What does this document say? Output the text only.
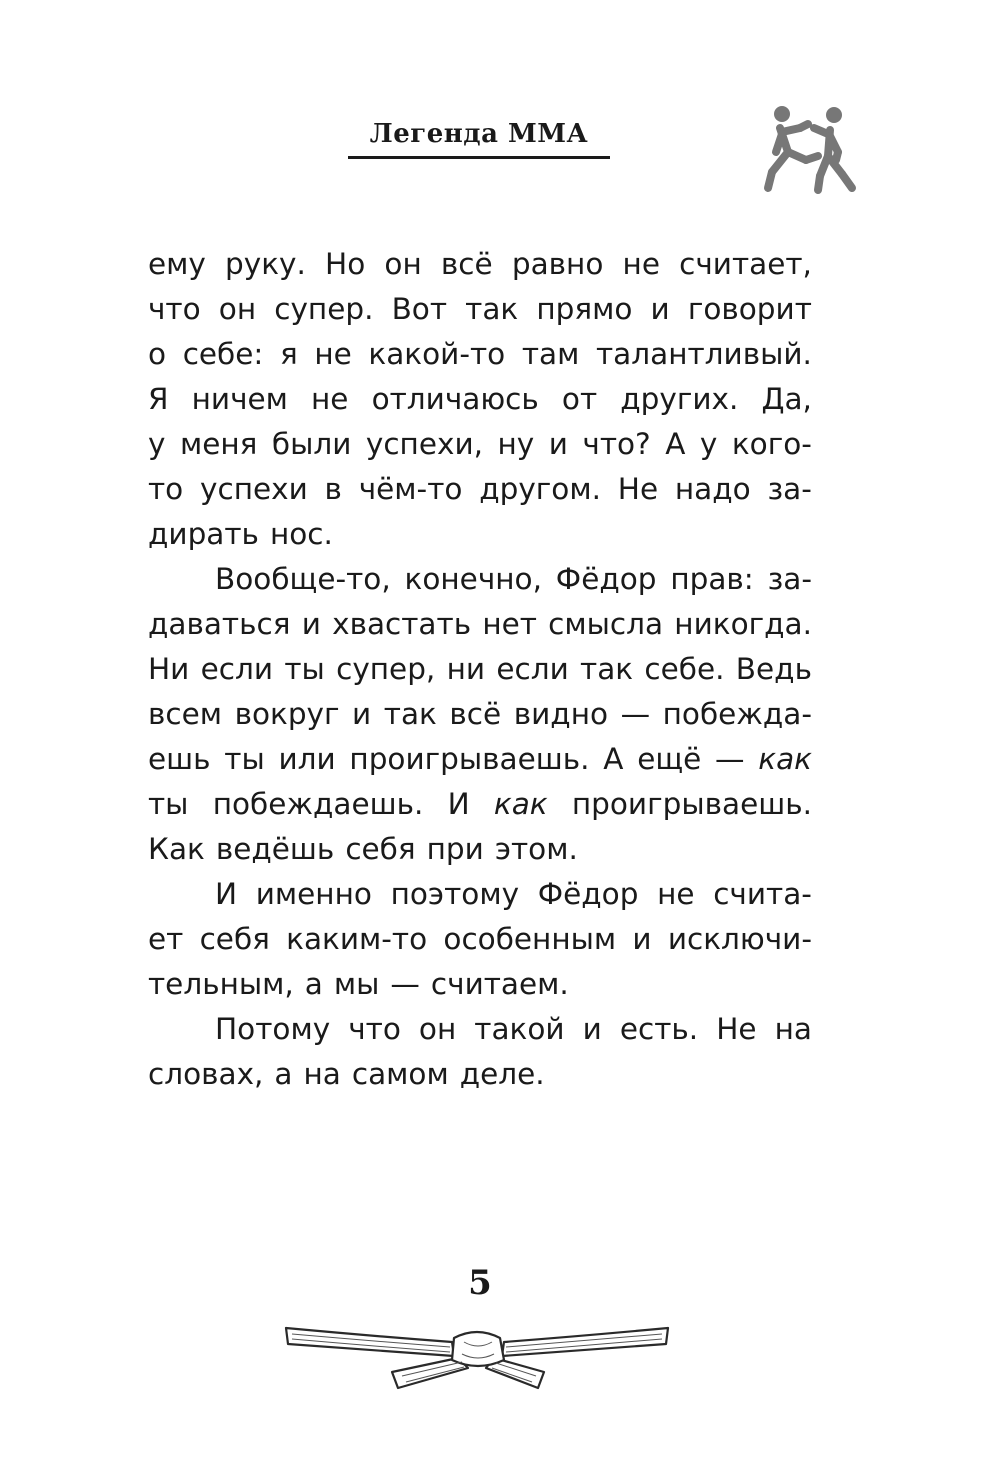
Легенда ММА
ему руку. Но он всё равно не считает,
что он супер. Вот так прямо и говорит
о себе: я не какой-то там талантливый.
Я ничем не отличаюсь от других. Да,
у меня были успехи, ну и что? А у кого-
то успехи в чём-то другом. Не надо за-
дирать нос.
Вообще-то, конечно, Фёдор прав: за-
даваться и хвастать нет смысла никогда.
Ни если ты супер, ни если так себе. Ведь
всем вокруг и так всё видно — побежда-
ешь ты или проигрываешь. А ещё — как
ты побеждаешь. И как проигрываешь.
Как ведёшь себя при этом.
И именно поэтому Фёдор не счита-
ет себя каким-то особенным и исключи-
тельным, а мы — считаем.
Потому что он такой и есть. Не на
словах, а на самом деле.
5
